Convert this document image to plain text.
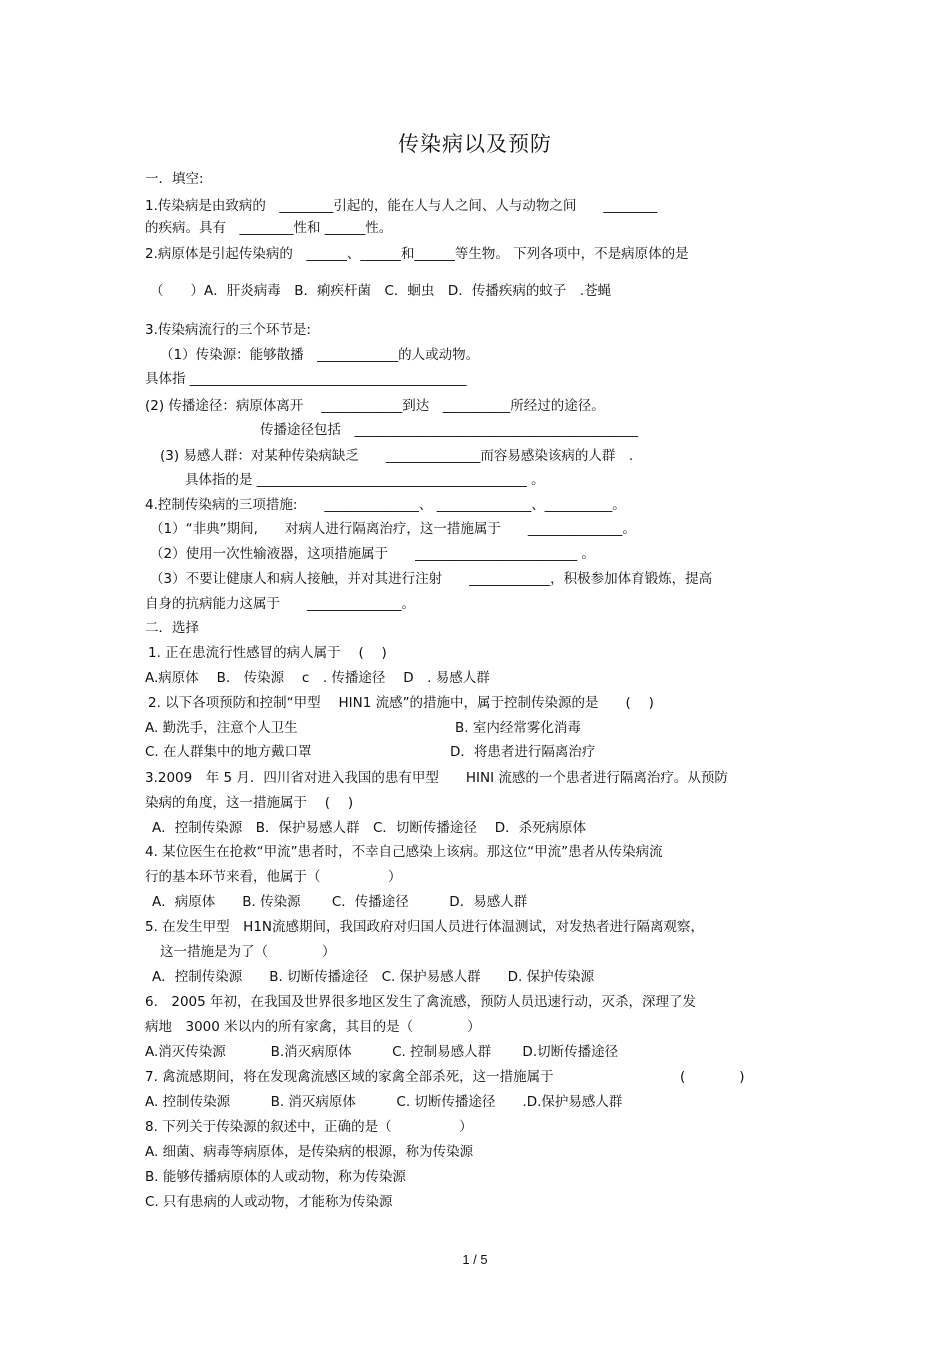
传染病以及预防
一．填空:
1.传染病是由致病的　________引起的，能在人与人之间、人与动物之间　　________
的疾病。具有　________性和 ______性。
2.病原体是引起传染病的　______、______和______等生物。 下列各项中，不是病原体的是
（　　）A．肝炎病毒　B．痢疾杆菌　C．蛔虫　D．传播疾病的蚊子　.苍蝇
3.传染病流行的三个环节是:
（1）传染源：能够散播　____________的人或动物。
具体指 _________________________________________
(2) 传播途径：病原体离开　 ____________到达　__________所经过的途径。
传播途径包括　__________________________________________
(3) 易感人群：对某种传染病缺乏　　______________而容易感染该病的人群　.
具体指的是 ________________________________________ 。
4.控制传染病的三项措施:　　______________、 ______________、__________。
（1）“非典”期间,　　对病人进行隔离治疗，这一措施属于　　______________。
（2）使用一次性输液器，这项措施属于　　________________________ 。
（3）不要让健康人和病人接触，并对其进行注射　　____________，积极参加体育锻炼，提高
自身的抗病能力这属于　　______________。
二．选择
1. 正在患流行性感冒的病人属于　 (　 )
A.病原体　 B.　传染源　 c　. 传播途径　 D　. 易感人群
2. 以下各项预防和控制“甲型　 HIN1 流感”的措施中，属于控制传染源的是　　(　 )
A. 勤洗手，注意个人卫生	B. 室内经常雾化消毒
C. 在人群集中的地方戴口罩	D．将患者进行隔离治疗
3.2009　年 5 月．四川省对进入我国的患有甲型　　HINI 流感的一个患者进行隔离治疗。从预防
染病的角度，这一措施属于　 (　 )
A．控制传染源　B．保护易感人群　C．切断传播途径　 D．杀死病原体
4. 某位医生在抢救“甲流”患者时，不幸自己感染上该病。那这位“甲流”患者从传染病流
行的基本环节来看，他属于（　　　　　）
A．病原体　　B. 传染源　　 C．传播途径　　　D．易感人群
5. 在发生甲型　H1N流感期间，我国政府对归国人员进行体温测试，对发热者进行隔离观察，
这一措施是为了（　　　　）
A．控制传染源　　B. 切断传播途径　C. 保护易感人群　　D. 保护传染源
6.　2005 年初，在我国及世界很多地区发生了禽流感，预防人员迅速行动，灭杀，深理了发
病地　3000 米以内的所有家禽，其目的是（　　　　）
A.消灭传染源　　　 B.消灭病原体　　　C. 控制易感人群　　 D.切断传播途径
7. 禽流感期间，将在发现禽流感区域的家禽全部杀死，这一措施属于	(　　　　)
A. 控制传染源　　　B. 消灭病原体　　　C. 切断传播途径　　.D.保护易感人群
8. 下列关于传染源的叙述中，正确的是（　　　　　）
A. 细菌、病毒等病原体，是传染病的根源，称为传染源
B. 能够传播病原体的人或动物，称为传染源
C. 只有患病的人或动物，才能称为传染源
1 / 5
